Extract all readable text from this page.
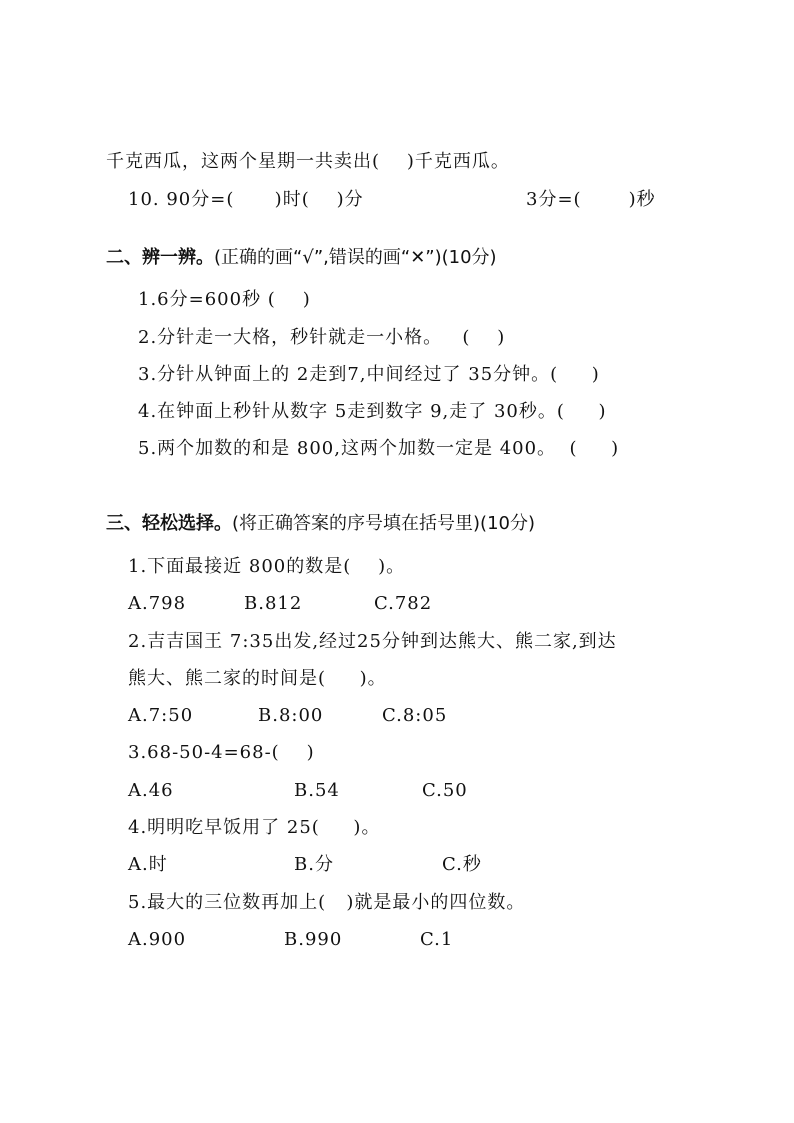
千克西瓜，这两个星期一共卖出(    )千克西瓜。
10. 90分=(      )时(    )分	3分=(       )秒
二、辨一辨。(正确的画“√”,错误的画“✕”)(10分)
1.6分=600秒 (    )
2.分针走一大格，秒针就走一小格。   (    )
3.分针从钟面上的 2走到7,中间经过了 35分钟。(     )
4.在钟面上秒针从数字 5走到数字 9,走了 30秒。(     )
5.两个加数的和是 800,这两个加数一定是 400。  (     )
三、轻松选择。(将正确答案的序号填在括号里)(10分)
1.下面最接近 800的数是(    )。
A.798	B.812	C.782
2.吉吉国王 7:35出发,经过25分钟到达熊大、熊二家,到达
熊大、熊二家的时间是(     )。
A.7:50	B.8:00	C.8:05
3.68-50-4=68-(    )
A.46	B.54	C.50
4.明明吃早饭用了 25(     )。
A.时	B.分	C.秒
5.最大的三位数再加上(   )就是最小的四位数。
A.900	B.990	C.1
